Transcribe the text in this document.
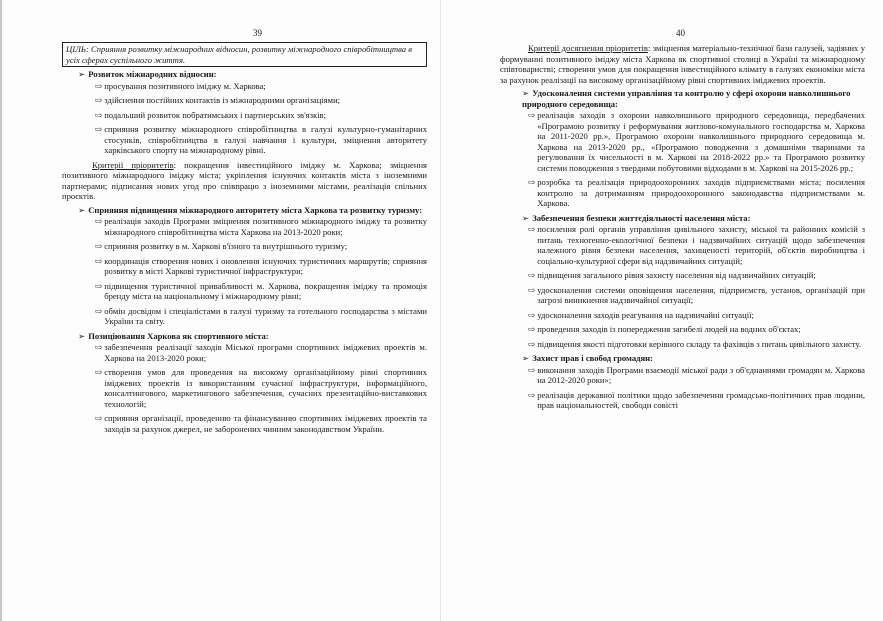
39	40
ЦІЛЬ: Сприяння розвитку міжнародних відносин, розвитку міжнародного співробітництва в усіх сферах суспільного життя.
➢ Розвиток міжнародних відносин:
⇨ просування позитивного іміджу м. Харкова;
⇨ здійснення постійних контактів із міжнародними організаціями;
⇨ подальший розвиток побратимських і партнерських зв'язків;
⇨ сприяння розвитку міжнародного співробітництва в галузі культурно-гуманітарних стосунків, співробітництва в галузі навчання і культури, зміцнення авторитету харківського спорту на міжнародному рівні.
Критерії пріоритетів: покращення інвестиційного іміджу м. Харкова; зміцнення позитивного міжнародного іміджу міста; укріплення існуючих контактів міста з іноземними партнерами; підписання нових угод про співпрацю з іноземними містами, реалізація спільних проєктів.
➢ Сприяння підвищення міжнародного авторитету міста Харкова та розвитку туризму:
⇨ реалізація заходів Програми зміцнення позитивного міжнародного іміджу та розвитку міжнародного співробітництва міста Харкова на 2013-2020 роки;
⇨ сприяння розвитку в м. Харкові в'їзного та внутрішнього туризму;
⇨ координація створення нових і оновлення існуючих туристичних маршрутів; сприяння розвитку в місті Харкові туристичної інфраструктури;
⇨ підвищення туристичної привабливості м. Харкова, покращення іміджу та промоція бренду міста на національному і міжнародному рівні;
⇨ обмін досвідом і спеціалістами в галузі туризму та готельного господарства з містами України та світу.
➢ Позиціювання Харкова як спортивного міста:
⇨ забезпечення реалізації заходів Міської програми спортивних іміджевих проектів м. Харкова на 2013-2020 роки;
⇨ створення умов для проведення на високому організаційному рівні спортивних іміджевих проектів із використанням сучасної інфраструктури, інформаційного, консалтингового, маркетингового забезпечення, сучасних презентаційно-виставкових технологій;
⇨ сприяння організації, проведенню та фінансуванню спортивних іміджевих проектів та заходів за рахунок джерел, не заборонених чинним законодавством України.
Критерії досягнення пріоритетів: зміцнення матеріально-технічної бази галузей, задіяних у формуванні позитивного іміджу міста Харкова як спортивної столиці в Україні та міжнародному співтоваристві; створення умов для покращення інвестиційного клімату в галузях економіки міста за рахунок реалізації на високому організаційному рівні спортивних іміджевих проектів.
➢ Удосконалення системи управління та контролю у сфері охорони навколишнього природного середовища:
⇨ реалізація заходів з охорони навколишнього природного середовища, передбачених «Програмою розвитку і реформування житлово-комунального господарства м. Харкова на 2011-2020 рр.», Програмою охорони навколишнього природного середовища м. Харкова на 2013-2020 рр., «Програмою поводження з домашніми тваринами та регулювання їх чисельності в м. Харкові на 2018-2022 рр.» та Програмою розвитку системи поводження з твердими побутовими відходами в м. Харкові на 2015-2026 рр.;
⇨ розробка та реалізація природоохоронних заходів підприємствами міста; посилення контролю за дотриманням природоохоронного законодавства підприємствами м. Харкова.
➢ Забезпечення безпеки життєдіяльності населення міста:
⇨ посилення ролі органів управління цивільного захисту, міської та районних комісій з питань техногенно-екологічної безпеки і надзвичайних ситуацій щодо забезпечення належного рівня безпеки населення, захищеності територій, об'єктів виробництва і соціально-культурної сфери від надзвичайних ситуацій;
⇨ підвищення загального рівня захисту населення від надзвичайних ситуацій;
⇨ удосконалення системи оповіщення населення, підприємств, установ, організацій при загрозі виникнення надзвичайної ситуації;
⇨ удосконалення заходів реагування на надзвичайні ситуації;
⇨ проведення заходів із попередження загибелі людей на водних об'єктах;
⇨ підвищення якості підготовки керівного складу та фахівців з питань цивільного захисту.
➢ Захист прав і свобод громадян:
⇨ виконання заходів Програми взаємодії міської ради з об'єднаннями громадян м. Харкова на 2012-2020 роки»;
⇨ реалізація державної політики щодо забезпечення громадсько-політичних прав людини, прав національностей, свободи совісті
